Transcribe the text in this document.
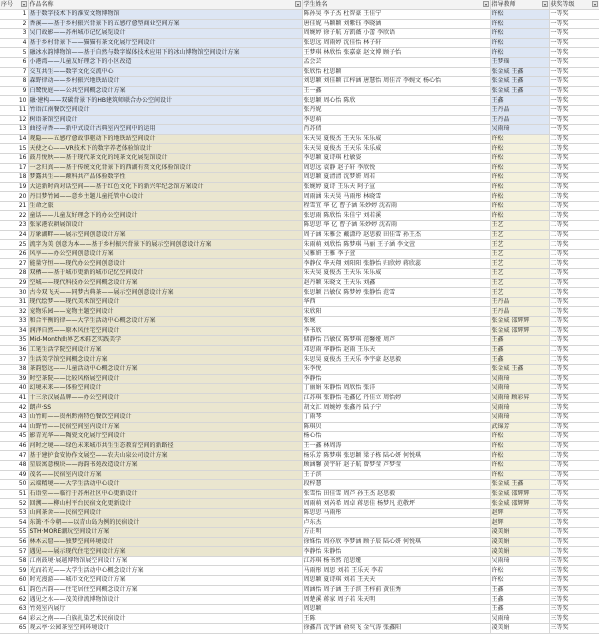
序号	作品名称	学生姓名	指导教师	获奖等级

1	基于数字技术下的淮安文物博物馆	陈孙昊 李子杰 杜智豪 王佳宁	许松	一等奖
2	香溪——基于乡村振兴背景下的五感疗愈型商业空间方案	唐佳妮 马颖颖 刘紫钰 李晓涵	许松	一等奖
3	吴门故影——苏州城市记忆展览设计	周婉婷 徐子航 方凯薇 小蕾 李欣语	许松	一等奖
4	基于乡村背景下——猫猫有茶文化展厅空间设计	张思远 周雨婷 沈佳怡 林子轩	许松	一等奖
5	融冰水韵博物馆——基于自然与数字媒体技术应用下的冰山博物馆空间设计方案	王梦琪 林欣怡 张嘉豪 赵文博 顾子怡	许松	一等奖
6	小港湾——儿童友好理念下的小区改造	孟会芸	王梦瑶	一等奖
7	交互共生——数字文化交流中心	张欣怡 杜思颖	张金威 王鑫	一等奖
8	森野律动——乡村振兴地铁站设计	刘思颖 刘佳颖 江梓涵 唐慧怡 周佳音 李婉文 杨心怡	张金威 王鑫	一等奖
9	白鹭悦庭——公共空间概念设计方案	王一鑫	张金威 王鑫	一等奖
10	融·建构——双碳背景下的HB建筑师联合办公空间设计	张思颖 周心怡 陈欣	王鑫	一等奖
11	竹语江南餐饮空间设计	张丹妮	王丹晶	一等奖
12	树语茶馆空间设计	李思萌	王丹晶	一等奖
13	曲径寻香——新中式设计古典室内空间中的运用	肖苏倩	吴雨琦	一等奖
14	观隐——五感疗愈故事驱动下的地铁站空间设计	朱天昊 夏俊杰 王天乐 朱乐威	许松	二等奖
15	天使之心——VR技术下的数字养老体验馆设计	朱天昊 夏俊杰 王天乐 朱乐威	许松	二等奖
16	鼓月悦秋——基于现代茶文化的纯茶文化展览馆设计	李思颖 夏诗琪 杜敏姿	许松	二等奖
17	一念归真——基于传统文化背景下的西湖有赏文化体验馆设计	周思远 袁静 赵子轩 李欣悦	许松	二等奖
18	梦露共生——颠科共产品体验数字性	周思颖 夏清清 沈梦妍 周若	许松	二等奖
19	大运新时尚对话空间——基于红色文化下的新兴年纪念馆方案设计	张婉婷 夏诗 王乐天 阿子宣	许松	二等奖
20	丹目梦竹园——意乡主题儿童托管中心设计	周雨涵 朱天昊 马雨彤 林晓雪	许松	二等奖
21	生命之旅	程雪宜 华 亿 曹子涵 朱妙婷 沈若雨	许松	二等奖
22	童话——儿童友好理念下的办公空间设计	张思雨 陈欣怡 朱佳宁 刘若溪	许松	二等奖
23	张家港农耕展馆设计	陈思思 华 亿 曹子涵 朱妙婷 沈若雨	王艺	二等奖
24	万象湖畔——展示空间创意设计方案	周子涵 朱雅会 戴潇玲 赵思毅 田佳雪 孙王杰	王艺	二等奖
25	流字为美 创意为本——基于乡村振兴背景下的展示空间创意设计方案	朱雨萌 刘欣怡 陈梦琪 马丽 王子涵 李文萱	王艺	二等奖
26	风享——办公空间创意设计方案	吴雅妍 王雅 李子萱	王艺	二等奖
27	能量守恒——现代办公空间创意设计	李静仪 华天翔 刘阳阳 张静怡 归欣婷 蒋欣蕊	王艺	二等奖
28	双栖——基于城市更新的城市记忆空间设计	朱天昊 夏俊杰 王天乐 朱乐威	王艺	二等奖
29	空城——现代科技办公空间概念设计方案	赵丹颖 朱晓文 王天乐 刘鑫	王艺	二等奖
30	古今双飞天——同梦古典茶——展示空间创意设计方案	张思颖 吕敏仪 陈梦婷 张静怡 范雪	王艺	二等奖
31	现代绘梦——现代美术馆空间设计	华西	王丹晶	二等奖
32	宠物乐园——宠物主题空间设计	宋欣阳	王丹晶	二等奖
33	和合平衡的律——大学生活动中心概念设计方案	张婉	张金威 邵辉辉	二等奖
34	润泽自然——原木风住宅空间设计	李书欣	张金威 邵辉辉	二等奖
35	Mid-Month曲界艺术鞋艺实践美学	储静怡 吕敏仪 陈梦琪 范馨娅 周芦	王鑫	二等奖
36	工笔生活学院空间设计方案	邓思雨 华静怡 赵雨 王乐天	王鑫	二等奖
37	生活美学馆空间概念设计方案	朱思昊 夏俊杰 王天乐 李宇豪 赵思毅	王鑫	二等奖
38	茶韵悠远——儿童活动中心概念设计方案	朱李悦	张金威 王鑫	二等奖
39	时空茶院——比较风格展空间设计	李静怡	吴雨琦	二等奖
40	幻境未来——体验空间设计	丁丽娟 朱静怡 周欣怡 张洋	吴雨琦	二等奖
41	十三余汉展品牌——办公空间设计	江苏琪 张静怡 毛鑫亿 丹佳立 周怡婷	吴雨琦 顾彩昇	二等奖
42	朗声·SS	胡文汇 周婉婷 张鑫丹 陆子宁	吴雨琦	二等奖
43	山竹町——贵州黔南特色餐饮空间设计	丁雨琴	吴雨琦	二等奖
44	山野竹——民宿空间室内设计方案	陈琪贝	武锦芳	二等奖
45	影青光华——陶瓷文化展厅空间设计	杨心怡	许松	二等奖
46	河时之境——绿色未来城市共生生态教育空间的新路径	王一鑫 林周涛	许松	二等奖
47	基于建护食安协作文展空——农夫山泉公司设计方案	杨乐芳 陈梦琪 张思颖 梁子栋 陆心妍 何悦琪	许松	二等奖
48	星辰寓意模块——海韵书苑改造设计方案	顾涵馨 黄宇轩 赵子航 曾梦莹 芦梦莹	许松	二等奖
49	茂名——民宿室内设计方案	王子滨	许松	二等奖
50	云端精境——大学生活动中心设计	段梓慧	张金威 王鑫	二等奖
51	石语堂——临行于苏州社区中心更新设计	张雪怡 田佳雪 周芦 孙王杰 赵思毅	张金威 邵辉辉	二等奖
52	回溯——柳山村平台民宿文化更新设计	周雨萌 刘芮希 周卓 蒋思佳 杨梦凡 范敬坪	张金威 邵辉辉	二等奖
53	山间茶舍——民宿空间设计	陈思思 马雨彤	赵辉	二等奖
54	东篱·不今朝——以青山岛为例的民宿设计	卢东杰	赵辉	二等奖
55	STH·MORE潮玩空间设计方案	方正明	凌美娟	二等奖
56	林木云窟——独梦空间环境设计	徐姝怡 周亦欣 李梦涵 顾子辰 陆心妍 何悦琪	凌美娟	二等奖
57	遇见——展示现代住宅空间设计方案	李静怡 朱静怡	凌美娟	二等奖
58	江南鼓境·展越博物馆展空间设计方案	江苏琪 杨书然 范思娅	吴雨琦	三等奖
59	光而若光——大学生活动中心概念设计方案	马雨彤 周思 刘若 王乐天 李若	许松	三等奖
60	时光漫游——城市文化空间设计方案	周思颖 夏诗琪 刘若 王天天	许松	三等奖
61	韵色古韵——住宅居住空间概念设计方案	周涵怡 周子涵 王子滨 王梓前 黄佳秀	王鑫	三等奖
62	遇见之水——茂美律流博物馆设计	周楚溪 蒋家 周子若 朱天明	王鑫	三等奖
63	竹苑室内展厅	周思颖	王鑫	三等奖
64	彩云之南——白族扎染艺术民宿设计	王陈	吴雨琦	三等奖
65	观云亭·公园茶室空间环境设计	徐鑫昌 沈宇涵 俞奕飞 金气涛 张鑫阳	凌美娟	三等奖
